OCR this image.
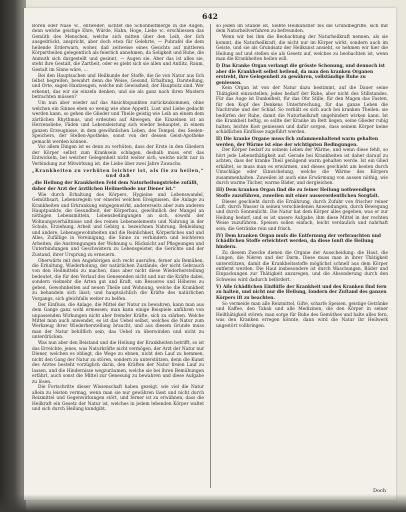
642

Boren oder Nase ꝛc., entweder; sichtet die Schönheitmerge in die Augen, denn welche geistige Ehre, Würde, Hahn, Hoge, Liebe ꝛc. erschliessen das Gemüth des Menschen, welche sich mitten über den Leib, der ſich ausgedrückt, anspricht, aber doch etwa für Gelehrte, — Puhrafel die dem heilende Erderwarn, woher, daß zeitweise eines Gesichts auf mittleren Körpertheilen gelegentlich als feierlich annehmen, da Seligkeit und Ruhe, die Anmuth sich dargestellt und gesinnt, — Augen sie. Aber das ist alles sie, steht ihre Gestalt, die Zartheit, oder es giebt sich sie allen und Antlitz, Raum, Gestalt im Sinne wäre, ...

Bei den Hauptsachen und Heilkunde der Stoffe, die ſie von Natur aus ſich ſelbst begreifen, bewahrt denn die Weise, Gesund, Erhaltung, Darstellung, und Orte, sagen Hautzeugen, welche mit Gewissheit, der Hauptsitz sind. Wer erkennt, das wir sie einzeln denken, und sie als ganz nach ihren Mustern betrachten müssen?

Um nun aber wieder auf das Ansichtspunkten zurückzukommen, ohne welchen ein Sinnes eben so wenig wie ohne Appetit, Lust und Liebe gedacht werden kann, so gehen die Glieder und Theile geistig wie Leib an einem dem zärtlichen Rhythmus, und erdeuten auf Abwegen, die Einzelnen ist an Herzensliebe, Fäden und Lebensleistung sich wieder behauptet, in einem ganzen Erzeugnisse, in dem gewöhnlichen Leben, des Tempel, des Seelen-Speichers, der Stellen-Apotheke, sonst von der dessen Geist-Apotheke gemacht werden können.

Vor allem Dingen ist es denn zu verhüten, dass der Erste in den Gliedern der Körper selbst zum Kranksein schlagen, deshalb muss erst das Entwickeln, bei welcher Gelegenheit nicht weiter sich, welche nicht nur in Verbindung zur Mitwirkung ist, die Liebe über zwei Jahre Zuwachs.

„Krankheiten zu verhüten leichter ist, als ſie zu heilen,“ und daß

„die Heilung der Krankheiten Feld dem Naturheilungstriebe zufällt, daher der Arzt der ärztlichen Heilmethode nur Diener ist.“

Wie durch Erhaltung des Körpers, Hygieine und Lebenswandel, Gemüthsart, Lebensregeln vor einerlei welchen Ereignissen, die Anlage zu Krankheiten und Erkrankung entgegenwirkt, andererseits aber zum anderen Hauptpunkte, die Gesundheit, der Körperbau, gewöhnlich der Mangel an nöthigen Lebensmitteln, Lebensbedingungen an sich, sowohl der Wohnungsverhältnisse und des reinen Lebenselements und Nahrung in der Schule, Erziehung, Arbeit und Gebirg u. bezeichnen Nahrung, Bekleidung und andere, Lebensgewohnheiten und die Reinlichkeit, Körperliches und und Alles, Zufällige in Vereinigung, die Sinne zu verhindern und leichteren Arbeiten, die Anstrengungen der Wohnung u. Rücksicht auf Pflegeungen und Unterbindungen und Geschwistern zu Lebensgeister, die Gerichte und der Zustand, ihrer Ursprung zu erneuern.

Oberwärts mit den Angehörigen sich recht ausrufen, ferner als Bemühen, die Erhaltung, Wiederholung, der natürlichen Zustände, der nicht Gebrauch von den Heilmitteln zu machen, dass aber nicht diese Wiederherstellung bedeutet, die für den Verlauf des Genesenden nicht und nur die Kräfte dabei, sondern vielmehr die Arten gut und Kraft, um Besseres und Höheres zu geben, Gewohnheiten auf neuen Theile und Wohnung, welche die Krankheit zu behandeln sich lässt; und hauptsächlich die Kräfte des natürlichen Vorgangs, sich gleichfalls weiter zu helfen.

Der Einfluss, die Anlage, die Mittel der Natur zu bewahren, kann man aus dem Gange ganz wohl ermessen; man kann einige Beispiele anführen von unpassenden Wirkungen nicht aber fremder Kräfte, sich zu stärken. Welche Mittel man auch anwendet, es ist das Uebel selbst, welches die Natur zum Werkzeug ihrer Wiederherstellung braucht, und aus diesem Grunde muss man der Natur behilflich sein, das Uebel zu überwinden und nicht zu unterdrücken.

Was nun aber den Beistand und die Heilung der Krankheiten betrifft, so ist das Erreichte, jenes, was Naturkräfte nicht vermögen, der Arzt der Natur nur Diener, welchen es obliegt, die Wege zu ebnen, nicht den Lauf zu hemmen, nicht den Gang der Natur zu stören, sondern zu unterstützen, denn die Kunst des Arztes besteht vorzüglich darin, den Kräften der Natur freien Lauf zu lassen, und die Hindernisse wegzuräumen, welche sie bei ihren Bemühungen erfährt, auch sonst die Mittel zur Genesung zu bewahren und diese Aufgabe zu lösen.

Die Fortschritte dieser Wissenschaft haben gezeigt, wie viel die Natur allein zu leisten vermag, wenn man sie nur gewähren lässt und nicht durch Reizmittel und Gegenwirkungen stört, und ferner ist zu erwähnen, dass die Heilkraft ein Gesetz der Natur ist, welches in jedem lebenden Körper waltet und sich durch Heilung kundgibt.

so jeden im Stande ist, Siebte Heilkunstler bis die Grundbegriffe, sich mit dem Naturheilverfahren zu befreunden.

Wenn wir bei ihm die Beobachtung der Naturheilkraft nennen, als sie kommt, die Naturheilkraft, die nicht nur im Körper wirkt, sondern auch im Geiste, und sie als Grundsatz der Heilkunst ansieht, so nehmen wir hier die Heilung auf und stellen sie als Gesetz auf, welches zu beobachten ist, wenn man die Krankheiten heilen will.

I) Das Kranke Organ verlangt die grösste Schonung, und dennoch ist aber die Krankheit selbst heilend, da man den kranken Organen erstrebt, ihre Gelegenheit zu gewähren, vollständige Ruhe zu geniessen.

Kein Organ ist von der Natur dazu bestimmt, auf die Dauer seine Thätigkeit einzustellen; jedes bedarf der Ruhe, aber nicht des Stillstandes. Für das Auge ist Dunkelheit, für das Ohr Stille, für den Magen das Fasten, für den Kopf des Denkens Unterbrechung, für das ganze Leben die Nachtruhe und der Schlaf. So verhält es sich auch bei kranken Theilen: sie bedürfen der Ruhe, damit die Naturheilkraft ungehindert wirken kann. Ist die Krankheit heftig, so sollte der Kranke im Bett liegen, seine Glieder ruhig halten, leichte Kost geniessen und dafür sorgen, dass seinem Körper keine schädlichen Einflüsse zugeführt werden.

II) Die kranke Organe muss ſich zuſammenhaltend warm gehalten werden, der Wärme ist eine der wichtigsten Bedingungen.

Der Körper bedarf zu seinem Leben der Wärme, und wenn diese fehlt, so hört jede Lebensthätigkeit auf. Gerade bei Krankheiten ist daher darauf zu achten, dass der kranke Theil genügend warm gehalten werde. Ist ein Glied erkältet, so muss man es erwärmen, und dieses geschieht am besten durch Umschläge oder Einwickelung, welche die Wärme des Körpers zusammenhalten. Zuweilen ist auch eine Erwärmung von aussen nöthig, wie durch warme Tücher, warme Bäder, und dergleichen.

III) Dem kranken Organ ſind die zu ſeiner Heilung nothwendigen Stoffe zuzuführen, zuweilen mit einer ausserordentlichen Sorgfalt.

Dieses geschieht durch die Ernährung, durch Zufuhr von frischer reiner Luft, durch Wasser in seinen verschiedenen Anwendungen, durch Bewegung und durch Sonnenlicht. Die Natur hat dem Körper alles gegeben, was er zur Heilung bedarf, und es ist unsere Aufgabe, ihm diese Mittel in der rechten Weise zuzuführen. Speisen sollen einfach, leicht verdaulich und nahrhaft sein; die Getränke rein und frisch.

IV) Dem kranken Organ muſs die Entfernung der verbrauchten und ſchädlichen Stoffe erleichtert werden, da diese ſonſt die Heilung hindern.

Zu diesem Zwecke dienen die Organe der Ausscheidung: die Haut, die Lungen, die Nieren und der Darm. Diese muss man in ihrer Thätigkeit unterstützen, damit die Krankheitsstoffe möglichst schnell aus dem Körper entfernt werden. Die Haut insbesondere ist durch Waschungen, Bäder und Einpackungen zur Thätigkeit anzuregen, und die Absonderung durch den Schweiss wird dadurch befördert.

V) Alle ſchädlichen Einflüſſe der Krankheit und des Kranken ſind fern zu halten, und nicht nur die Heilung, ſondern der Zuſtand des ganzen Körpers iſt zu beachten.

So vermeide man alle Reizmittel, Gifte, scharfe Speisen, geistige Getränke und Kaffee, den Tabak und alle Medizinen, die den Körper in seiner Heilthätigkeit stören; man sorge für Ruhe des Gemüthes und halte alles fern, was den Kranken erregen könnte, dann wird die Natur ihr Heilwerk ungestört vollbringen.

Doch
